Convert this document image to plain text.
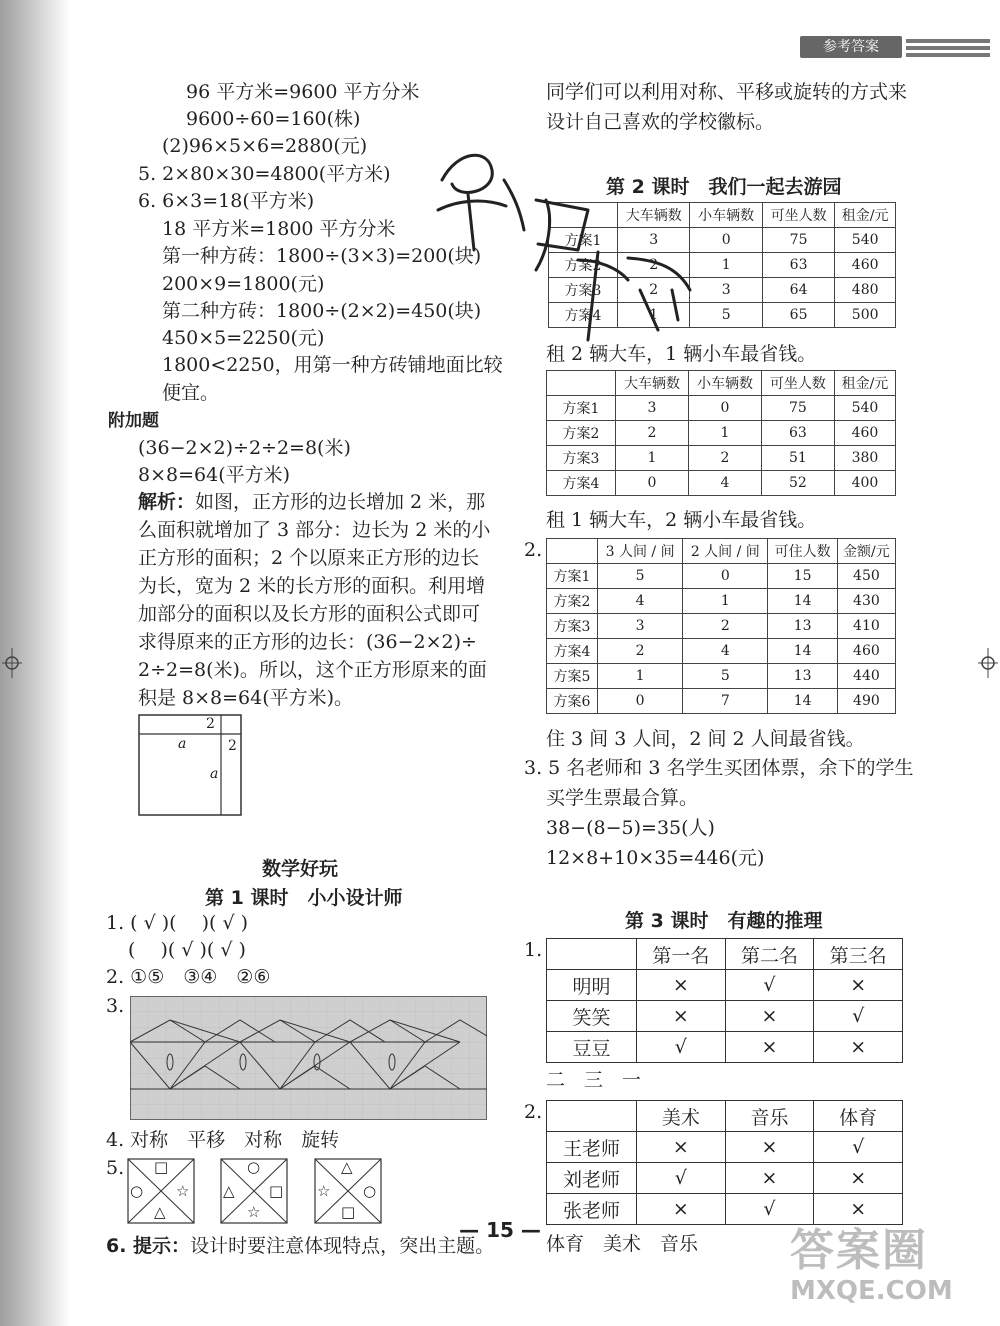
参考答案
96 平方米=9600 平方分米
9600÷60=160(株)
(2)96×5×6=2880(元)
5. 2×80×30=4800(平方米)
6. 6×3=18(平方米)
18 平方米=1800 平方分米
第一种方砖：1800÷(3×3)=200(块)
200×9=1800(元)
第二种方砖：1800÷(2×2)=450(块)
450×5=2250(元)
1800<2250，用第一种方砖铺地面比较
便宜。
附加题
(36−2×2)÷2÷2=8(米)
8×8=64(平方米)
解析：如图，正方形的边长增加 2 米，那
么面积就增加了 3 部分：边长为 2 米的小
正方形的面积；2 个以原来正方形的边长
为长，宽为 2 米的长方形的面积。利用增
加部分的面积以及长方形的面积公式即可
求得原来的正方形的边长：(36−2×2)÷
2÷2=8(米)。所以，这个正方形原来的面
积是 8×8=64(平方米)。
2
2
a
a
数学好玩
第 1 课时　小小设计师
1. ( √ )(　 )( √ )
(　 )( √ )( √ )
2. ①⑤　③④　②⑥
3.
4. 对称　平移　对称　旋转
5. □
○ ☆
△
○
△ □
☆
△
☆ ○
□
6. 提示：设计时要注意体现特点，突出主题。
同学们可以利用对称、平移或旋转的方式来
设计自己喜欢的学校徽标。
第 2 课时　我们一起去游园
	大车辆数	小车辆数	可坐人数	租金/元
方案1	3	0	75	540
方案2	2	1	63	460
方案3	2	3	64	480
方案4	1	5	65	500
租 2 辆大车，1 辆小车最省钱。
	大车辆数	小车辆数	可坐人数	租金/元
方案1	3	0	75	540
方案2	2	1	63	460
方案3	1	2	51	380
方案4	0	4	52	400
租 1 辆大车，2 辆小车最省钱。
2.
		3 人间 / 间	2 人间 / 间	可住人数	金额/元
方案1	5	0	15	450
方案2	4	1	14	430
方案3	3	2	13	410
方案4	2	4	14	460
方案5	1	5	13	440
方案6	0	7	14	490
住 3 间 3 人间，2 间 2 人间最省钱。
3. 5 名老师和 3 名学生买团体票，余下的学生
买学生票最合算。
38−(8−5)=35(人)
12×8+10×35=446(元)
第 3 课时　有趣的推理
1.
		第一名	第二名	第三名
明明	×	√	×
笑笑	×	×	√
豆豆	√	×	×
二　三　一
2.
		美术	音乐	体育
王老师	×	×	√
刘老师	√	×	×
张老师	×	√	×
体育　美术　音乐
— 15 —	答案圈
MXQE.COM
